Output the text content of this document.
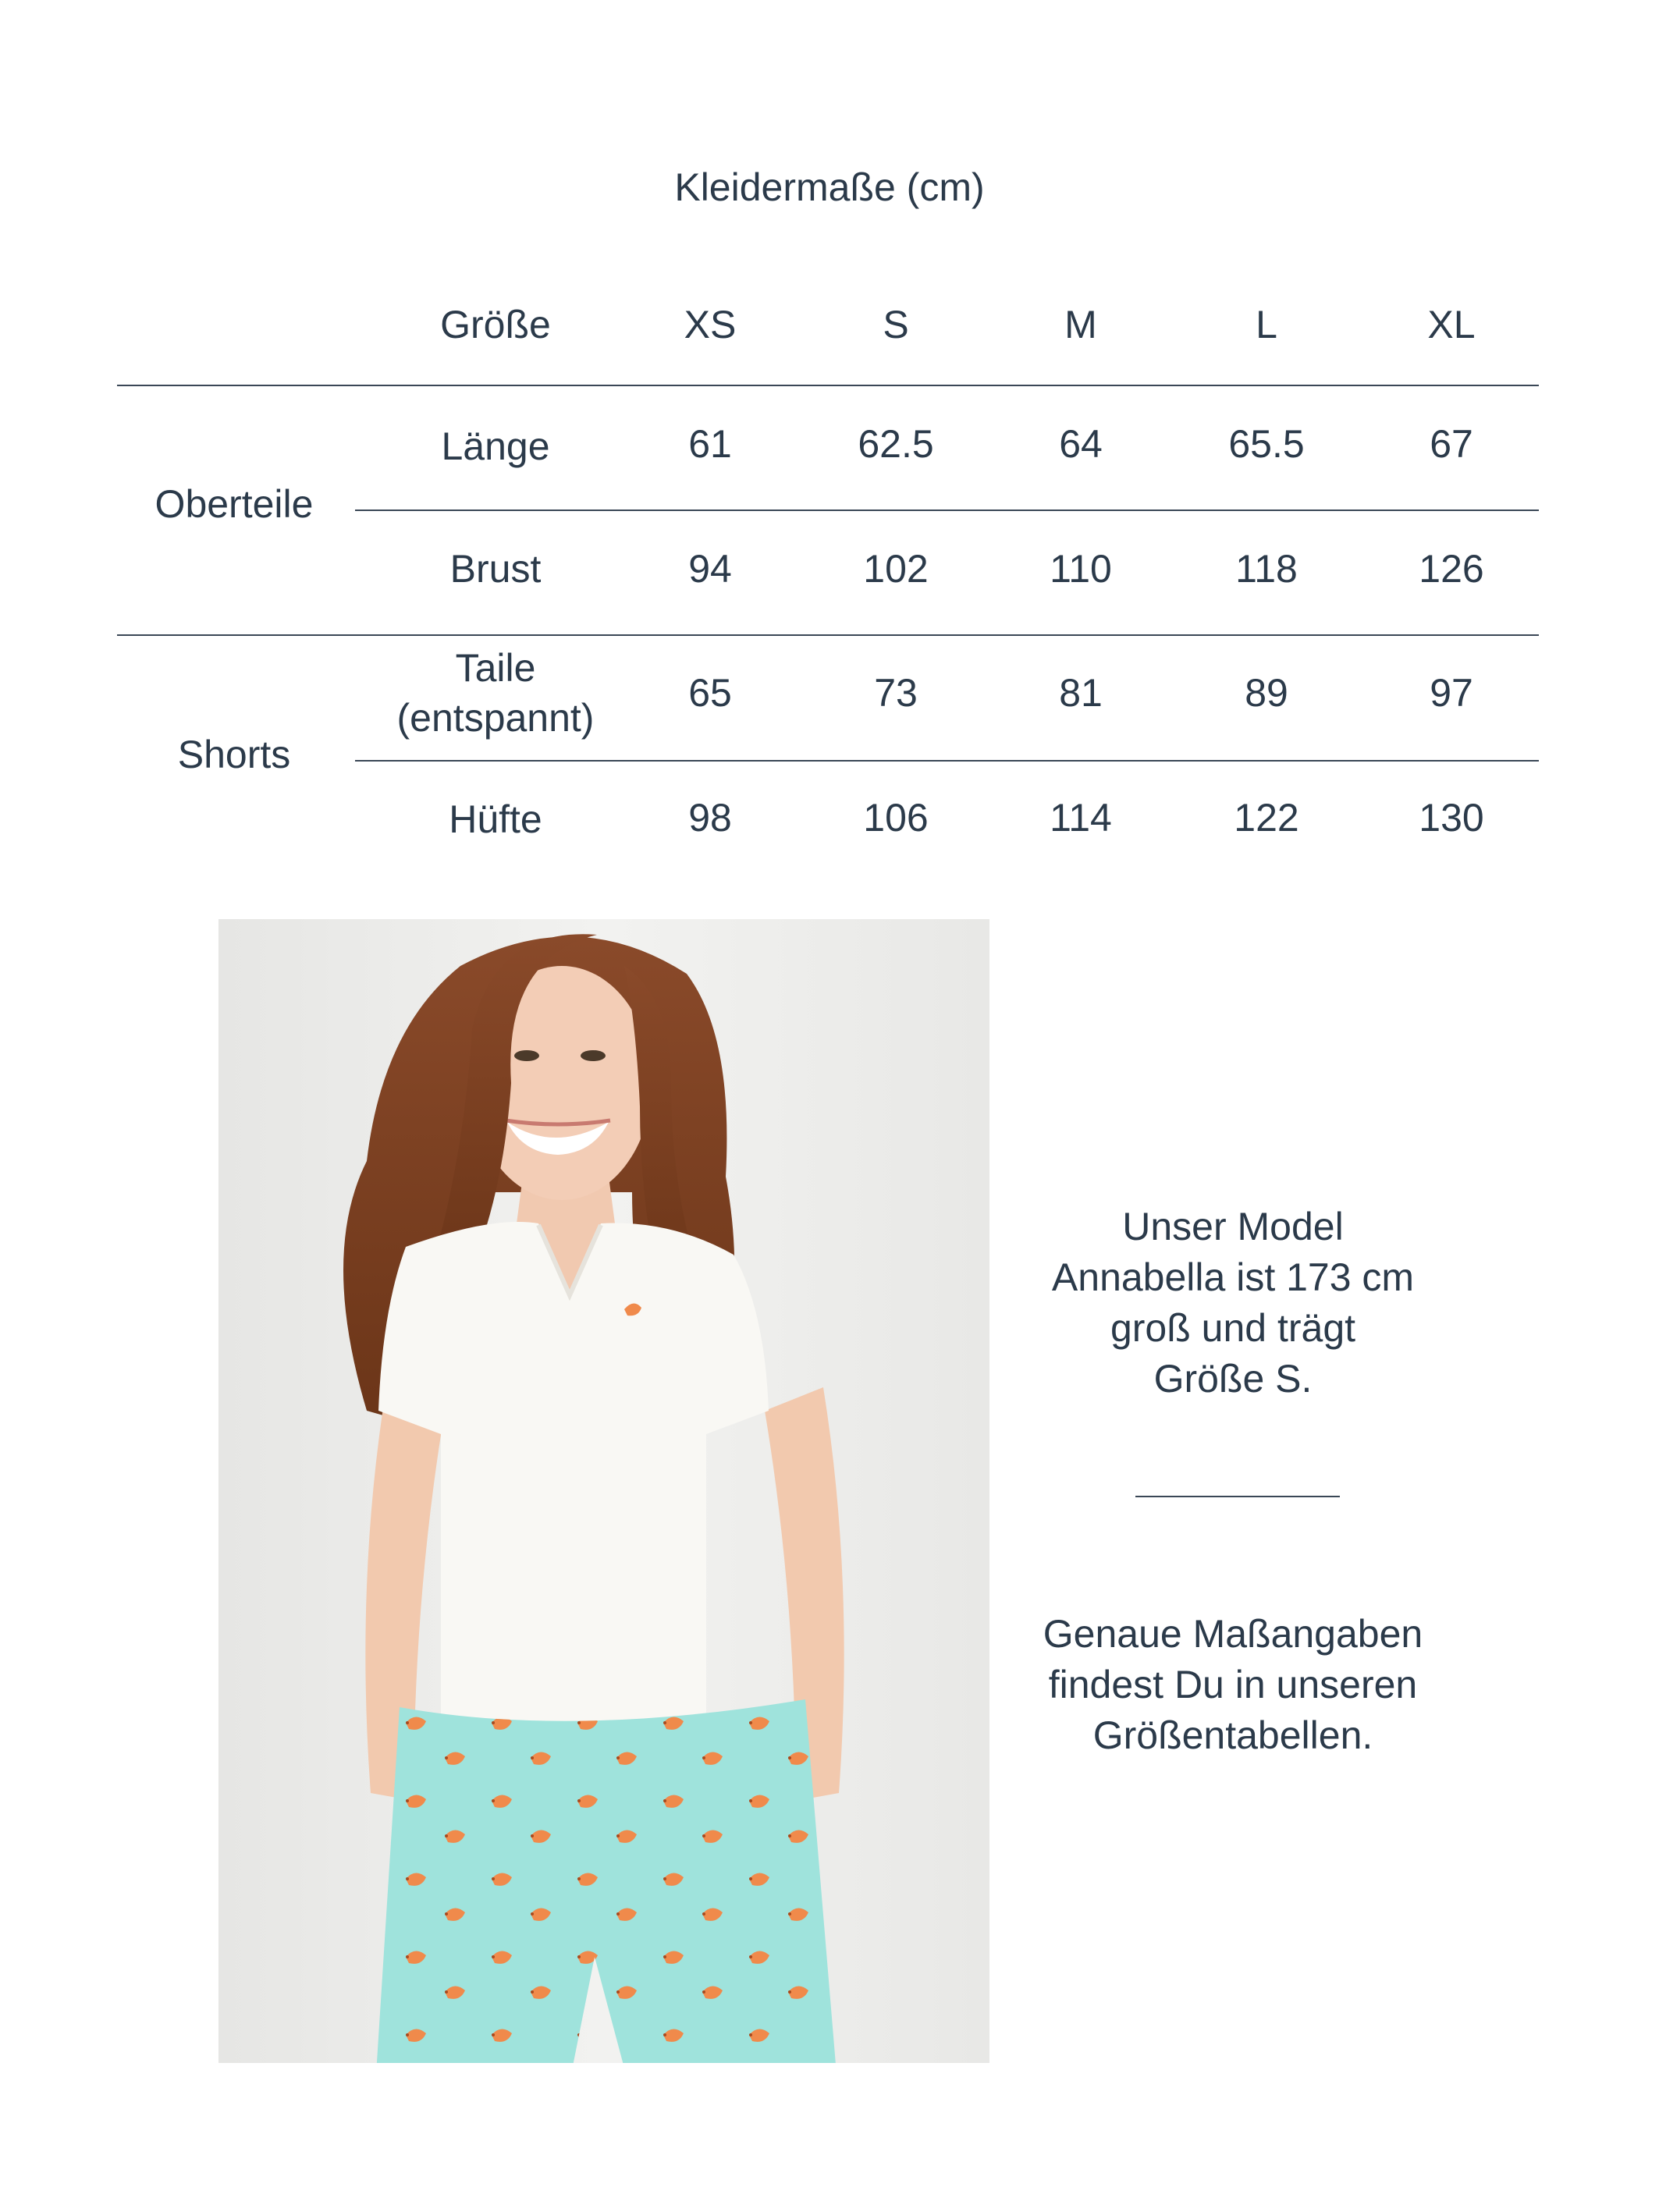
Kleidermaße (cm)
Größe	XS	S	M	L	XL
Oberteile
Länge	61	62.5	64	65.5	67
Brust	94	102	110	118	126
Shorts
Taile
(entspannt)
65	73	81	89	97
Hüfte	98	106	114	122	130
Unser Model
Annabella ist 173 cm
groß und trägt
Größe S.
Genaue Maßangaben
findest Du in unseren
Größentabellen.
